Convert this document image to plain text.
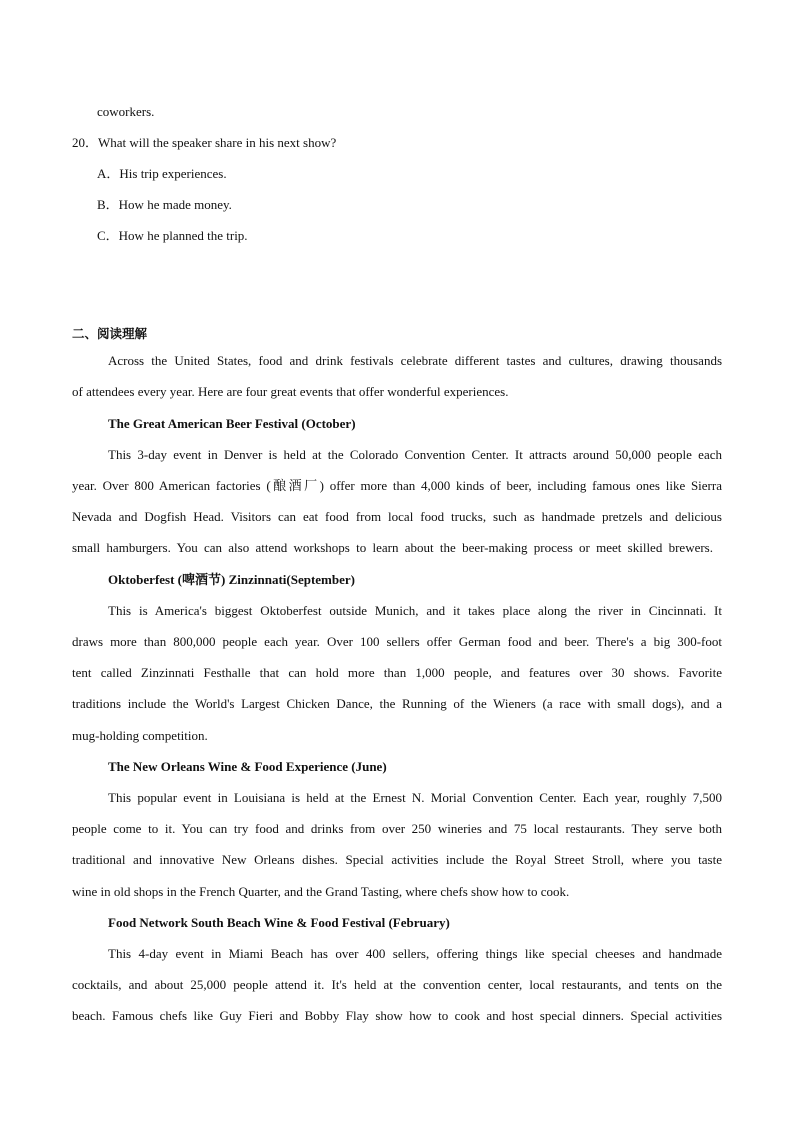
coworkers.
20．What will the speaker share in his next show?
A．His trip experiences.
B．How he made money.
C．How he planned the trip.
二、阅读理解
Across the United States, food and drink festivals celebrate different tastes and cultures, drawing thousands
of attendees every year. Here are four great events that offer wonderful experiences.
The Great American Beer Festival (October)
This 3-day event in Denver is held at the Colorado Convention Center. It attracts around 50,000 people each
year. Over 800 American factories (酿酒厂) offer more than 4,000 kinds of beer, including famous ones like Sierra
Nevada and Dogfish Head. Visitors can eat food from local food trucks, such as handmade pretzels and delicious
small hamburgers. You can also attend workshops to learn about the beer-making process or meet skilled brewers.
Oktoberfest (啤酒节) Zinzinnati(September)
This is America's biggest Oktoberfest outside Munich, and it takes place along the river in Cincinnati. It
draws more than 800,000 people each year. Over 100 sellers offer German food and beer. There's a big 300-foot
tent called Zinzinnati Festhalle that can hold more than 1,000 people, and features over 30 shows. Favorite
traditions include the World's Largest Chicken Dance, the Running of the Wieners (a race with small dogs), and a
mug-holding competition.
The New Orleans Wine & Food Experience (June)
This popular event in Louisiana is held at the Ernest N. Morial Convention Center. Each year, roughly 7,500
people come to it. You can try food and drinks from over 250 wineries and 75 local restaurants. They serve both
traditional and innovative New Orleans dishes. Special activities include the Royal Street Stroll, where you taste
wine in old shops in the French Quarter, and the Grand Tasting, where chefs show how to cook.
Food Network South Beach Wine & Food Festival (February)
This 4-day event in Miami Beach has over 400 sellers, offering things like special cheeses and handmade
cocktails, and about 25,000 people attend it. It's held at the convention center, local restaurants, and tents on the
beach. Famous chefs like Guy Fieri and Bobby Flay show how to cook and host special dinners. Special activities
